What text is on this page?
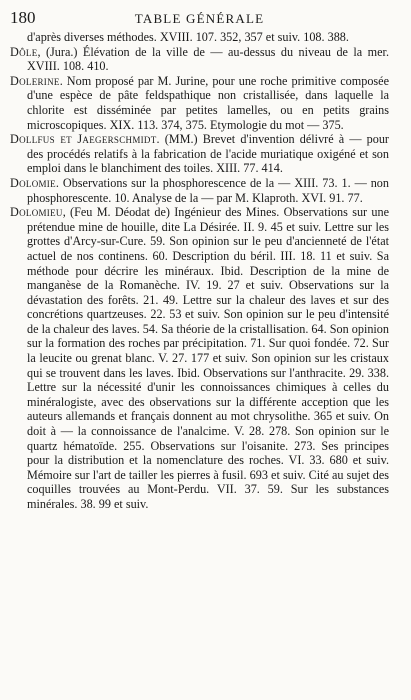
180	TABLE GÉNÉRALE

d'après diverses méthodes. XVIII. 107. 352, 357 et suiv. 108. 388.

Dôle, (Jura.) Élévation de la ville de — au-dessus du niveau de la mer. XVIII. 108. 410.

Dolerine. Nom proposé par M. Jurine, pour une roche primitive composée d'une espèce de pâte feldspathique non cristallisée, dans laquelle la chlorite est disséminée par petites lamelles, ou en petits grains microscopiques. XIX. 113. 374, 375. Etymologie du mot — 375.

Dollfus et Jaegerschmidt. (MM.) Brevet d'invention délivré à — pour des procédés relatifs à la fabrication de l'acide muriatique oxigéné et son emploi dans le blanchiment des toiles. XIII. 77. 414.

Dolomie. Observations sur la phosphorescence de la — XIII. 73. 1. — non phosphorescente. 10. Analyse de la — par M. Klaproth. XVI. 91. 77.

Dolomieu, (Feu M. Déodat de) Ingénieur des Mines. Observations sur une prétendue mine de houille, dite La Désirée. II. 9. 45 et suiv. Lettre sur les grottes d'Arcy-sur-Cure. 59. Son opinion sur le peu d'ancienneté de l'état actuel de nos continens. 60. Description du béril. III. 18. 11 et suiv. Sa méthode pour décrire les minéraux. Ibid. Description de la mine de manganèse de la Romanèche. IV. 19. 27 et suiv. Observations sur la dévastation des forêts. 21. 49. Lettre sur la chaleur des laves et sur des concrétions quartzeuses. 22. 53 et suiv. Son opinion sur le peu d'intensité de la chaleur des laves. 54. Sa théorie de la cristallisation. 64. Son opinion sur la formation des roches par précipitation. 71. Sur quoi fondée. 72. Sur la leucite ou grenat blanc. V. 27. 177 et suiv. Son opinion sur les cristaux qui se trouvent dans les laves. Ibid. Observations sur l'anthracite. 29. 338. Lettre sur la nécessité d'unir les connoissances chimiques à celles du minéralogiste, avec des observations sur la différente acception que les auteurs allemands et français donnent au mot chrysolithe. 365 et suiv. On doit à — la connoissance de l'analcime. V. 28. 278. Son opinion sur le quartz hématoïde. 255. Observations sur l'oisanite. 273. Ses principes pour la distribution et la nomenclature des roches. VI. 33. 680 et suiv. Mémoire sur l'art de tailler les pierres à fusil. 693 et suiv. Cité au sujet des coquilles trouvées au Mont-Perdu. VII. 37. 59. Sur les substances minérales. 38. 99 et suiv.
